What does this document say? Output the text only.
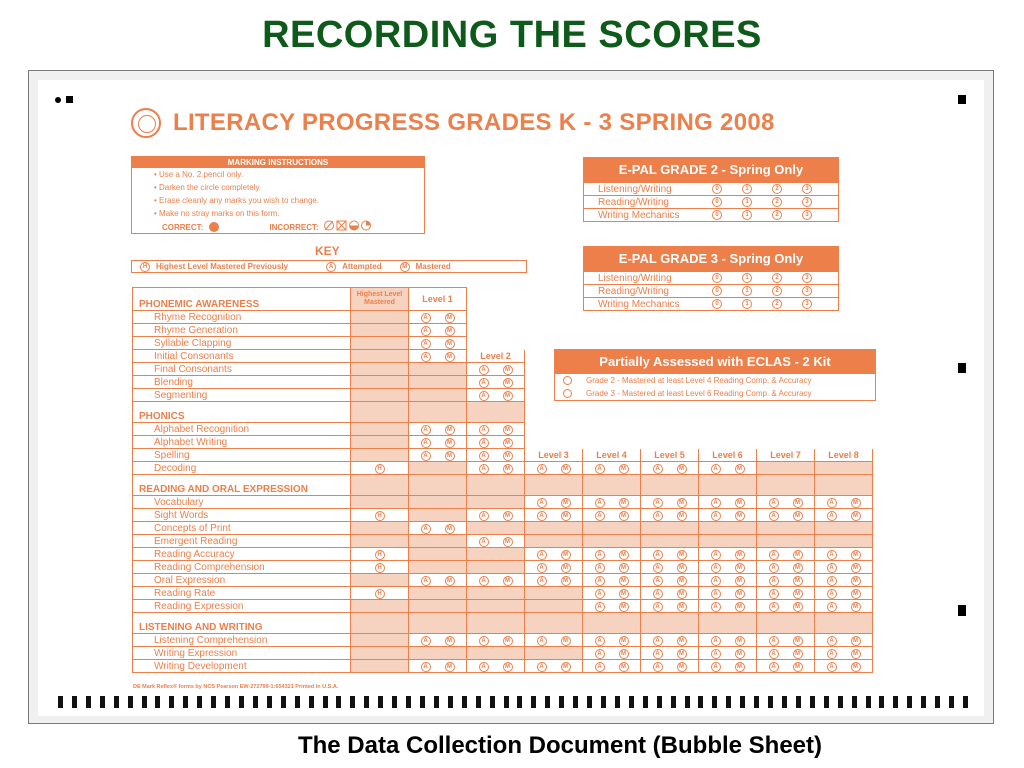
RECORDING THE SCORES
LITERACY PROGRESS GRADES K - 3 SPRING 2008
MARKING INSTRUCTIONS
• Use a No. 2 pencil only.
• Darken the circle completely.
• Erase cleanly any marks you wish to change.
• Make no stray marks on this form.
CORRECT:	INCORRECT:
KEY
H	Highest Level Mastered Previously	A	Attempted	M	Mastered
E-PAL GRADE 2 - Spring Only
Listening/Writing	0	1	2	3
Reading/Writing	0	1	2	3
Writing Mechanics	0	1	2	3
E-PAL GRADE 3 - Spring Only
Listening/Writing	0	1	2	3
Reading/Writing	0	1	2	3
Writing Mechanics	0	1	2	3
Partially Assessed with ECLAS - 2 Kit
Grade 2 - Mastered at least Level 4 Reading Comp. & Accuracy
Grade 3 - Mastered at least Level 6 Reading Comp. & Accuracy
PHONEMIC AWARENESS	Highest Level Mastered	Level 1								
Rhyme Recognition		A M								
Rhyme Generation		A M								
Syllable Clapping		A M								
Initial Consonants		A M	Level 2							
Final Consonants			A M							
Blending			A M							
Segmenting			A M							
PHONICS										
Alphabet Recognition		A M	A M							
Alphabet Writing		A M	A M							
Spelling		A M	A M	Level 3	Level 4	Level 5	Level 6	Level 7	Level 8	
Decoding	H		A M	A M	A M	A M	A M			
READING AND ORAL EXPRESSION										
Vocabulary				A M	A M	A M	A M	A M	A M	
Sight Words	H		A M	A M	A M	A M	A M	A M	A M	
Concepts of Print		A M								
Emergent Reading			A M							
Reading Accuracy	H			A M	A M	A M	A M	A M	A M	
Reading Comprehension	H			A M	A M	A M	A M	A M	A M	
Oral Expression		A M	A M	A M	A M	A M	A M	A M	A M	
Reading Rate	H				A M	A M	A M	A M	A M	
Reading Expression					A M	A M	A M	A M	A M	
LISTENING AND WRITING										
Listening Comprehension		A M	A M	A M	A M	A M	A M	A M	A M	
Writing Expression					A M	A M	A M	A M	A M	
Writing Development		A M	A M	A M	A M	A M	A M	A M	A M	
DE Mark Reflex® forms by NCS Pearson EW-272799-1:654321 Printed in U.S.A.
The Data Collection Document (Bubble Sheet)
